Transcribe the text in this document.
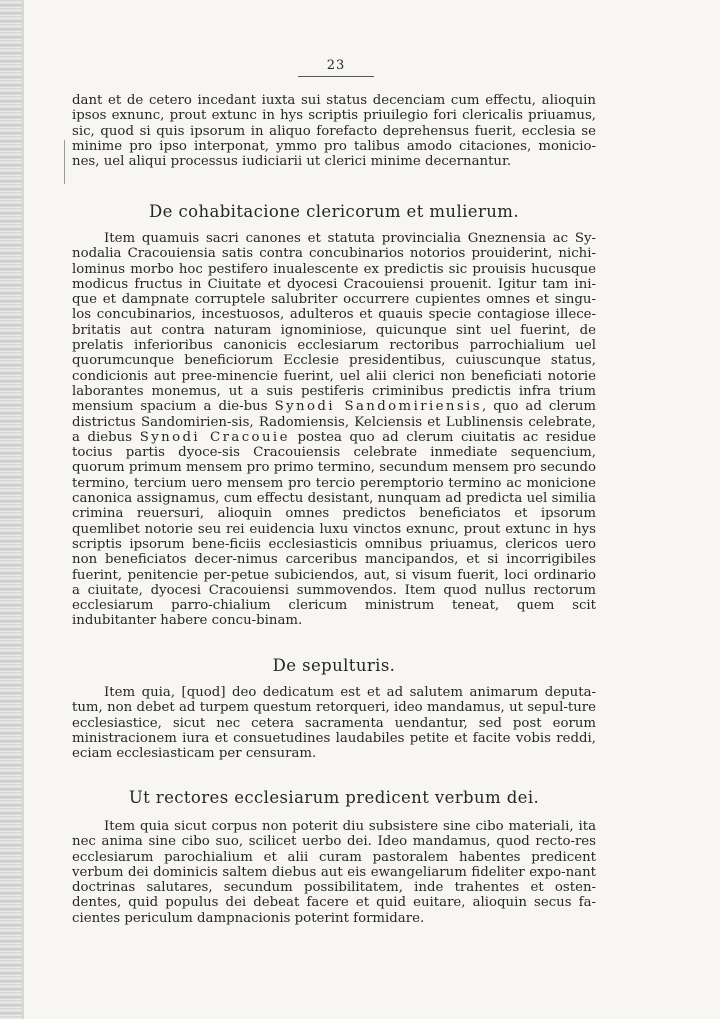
23
dant et de cetero incedant iuxta sui status decenciam cum effectu, alioquin ipsos exnunc, prout extunc in hys scriptis priuilegio fori clericalis priuamus, sic, quod si quis ipsorum in aliquo forefacto deprehensus fuerit, ecclesia se minime pro ipso interponat, ymmo pro talibus amodo citaciones, monicio-nes, uel aliqui processus iudiciarii ut clerici minime decernantur.
De cohabitacione clericorum et mulierum.
Item quamuis sacri canones et statuta provincialia Gneznensia ac Sy-nodalia Cracouiensia satis contra concubinarios notorios prouiderint, nichi-lominus morbo hoc pestifero inualescente ex predictis sic prouisis hucusque modicus fructus in Ciuitate et dyocesi Cracouiensi prouenit. Igitur tam ini-que et dampnate corruptele salubriter occurrere cupientes omnes et singu-los concubinarios, incestuosos, adulteros et quauis specie contagiose illece-britatis aut contra naturam ignominiose, quicunque sint uel fuerint, de prelatis inferioribus canonicis ecclesiarum rectoribus parrochialium uel quorumcunque beneficiorum Ecclesie presidentibus, cuiuscunque status, condicionis aut pree-minencie fuerint, uel alii clerici non beneficiati notorie laborantes monemus, ut a suis pestiferis criminibus predictis infra trium mensium spacium a die-bus Synodi Sandomiriensis, quo ad clerum districtus Sandomirien-sis, Radomiensis, Kelciensis et Lublinensis celebrate, a diebus Synodi Cracouie postea quo ad clerum ciuitatis ac residue tocius partis dyoce-sis Cracouiensis celebrate inmediate sequencium, quorum primum mensem pro primo termino, secundum mensem pro secundo termino, tercium uero mensem pro tercio peremptorio termino ac monicione canonica assignamus, cum effectu desistant, nunquam ad predicta uel similia crimina reuersuri, alioquin omnes predictos beneficiatos et ipsorum quemlibet notorie seu rei euidencia luxu vinctos exnunc, prout extunc in hys scriptis ipsorum bene-ficiis ecclesiasticis omnibus priuamus, clericos uero non beneficiatos decer-nimus carceribus mancipandos, et si incorrigibiles fuerint, penitencie per-petue subiciendos, aut, si visum fuerit, loci ordinario a ciuitate, dyocesi Cracouiensi summovendos. Item quod nullus rectorum ecclesiarum parro-chialium clericum ministrum teneat, quem scit indubitanter habere concu-binam.
De sepulturis.
Item quia, [quod] deo dedicatum est et ad salutem animarum deputa-tum, non debet ad turpem questum retorqueri, ideo mandamus, ut sepul-ture ecclesiastice, sicut nec cetera sacramenta uendantur, sed post eorum ministracionem iura et consuetudines laudabiles petite et facite vobis reddi, eciam ecclesiasticam per censuram.
Ut rectores ecclesiarum predicent verbum dei.
Item quia sicut corpus non poterit diu subsistere sine cibo materiali, ita nec anima sine cibo suo, scilicet uerbo dei. Ideo mandamus, quod recto-res ecclesiarum parochialium et alii curam pastoralem habentes predicent verbum dei dominicis saltem diebus aut eis ewangeliarum fideliter expo-nant doctrinas salutares, secundum possibilitatem, inde trahentes et osten-dentes, quid populus dei debeat facere et quid euitare, alioquin secus fa-cientes periculum dampnacionis poterint formidare.
